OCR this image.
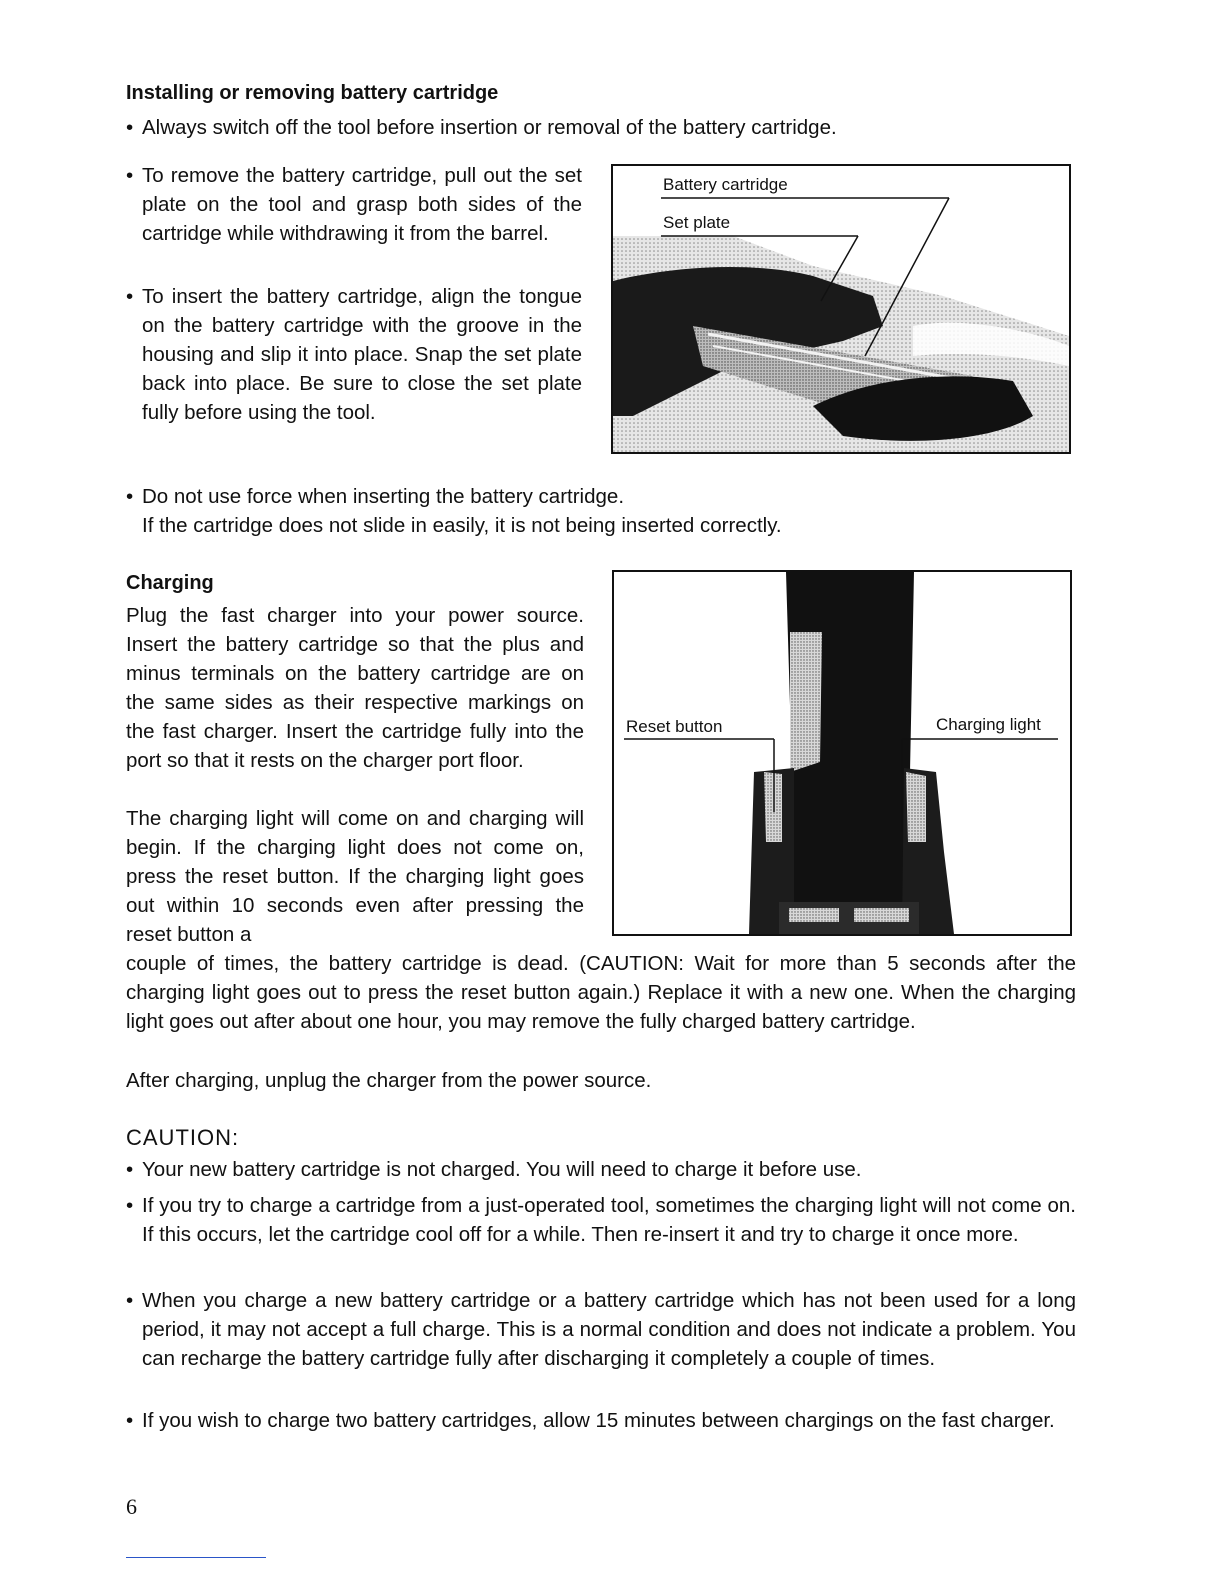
Installing or removing battery cartridge
• Always switch off the tool before insertion or removal of the battery cartridge.
• To remove the battery cartridge, pull out the set plate on the tool and grasp both sides of the cartridge while withdrawing it from the barrel.
• To insert the battery cartridge, align the tongue on the battery cartridge with the groove in the housing and slip it into place. Snap the set plate back into place. Be sure to close the set plate fully before using the tool.
Battery cartridge
Set plate
• Do not use force when inserting the battery cartridge.
If the cartridge does not slide in easily, it is not being inserted correctly.
Charging
Plug the fast charger into your power source. Insert the battery cartridge so that the plus and minus terminals on the battery cartridge are on the same sides as their respective markings on the fast charger. Insert the cartridge fully into the port so that it rests on the charger port floor.
The charging light will come on and charging will begin. If the charging light does not come on, press the reset button. If the charging light goes out within 10 seconds even after pressing the reset button a
Reset button	Charging light
couple of times, the battery cartridge is dead. (CAUTION: Wait for more than 5 seconds after the charging light goes out to press the reset button again.) Replace it with a new one. When the charging light goes out after about one hour, you may remove the fully charged battery cartridge.
After charging, unplug the charger from the power source.
CAUTION:
• Your new battery cartridge is not charged. You will need to charge it before use.
• If you try to charge a cartridge from a just-operated tool, sometimes the charging light will not come on. If this occurs, let the cartridge cool off for a while. Then re-insert it and try to charge it once more.
• When you charge a new battery cartridge or a battery cartridge which has not been used for a long period, it may not accept a full charge. This is a normal condition and does not indicate a problem. You can recharge the battery cartridge fully after discharging it completely a couple of times.
• If you wish to charge two battery cartridges, allow 15 minutes between chargings on the fast charger.
6
